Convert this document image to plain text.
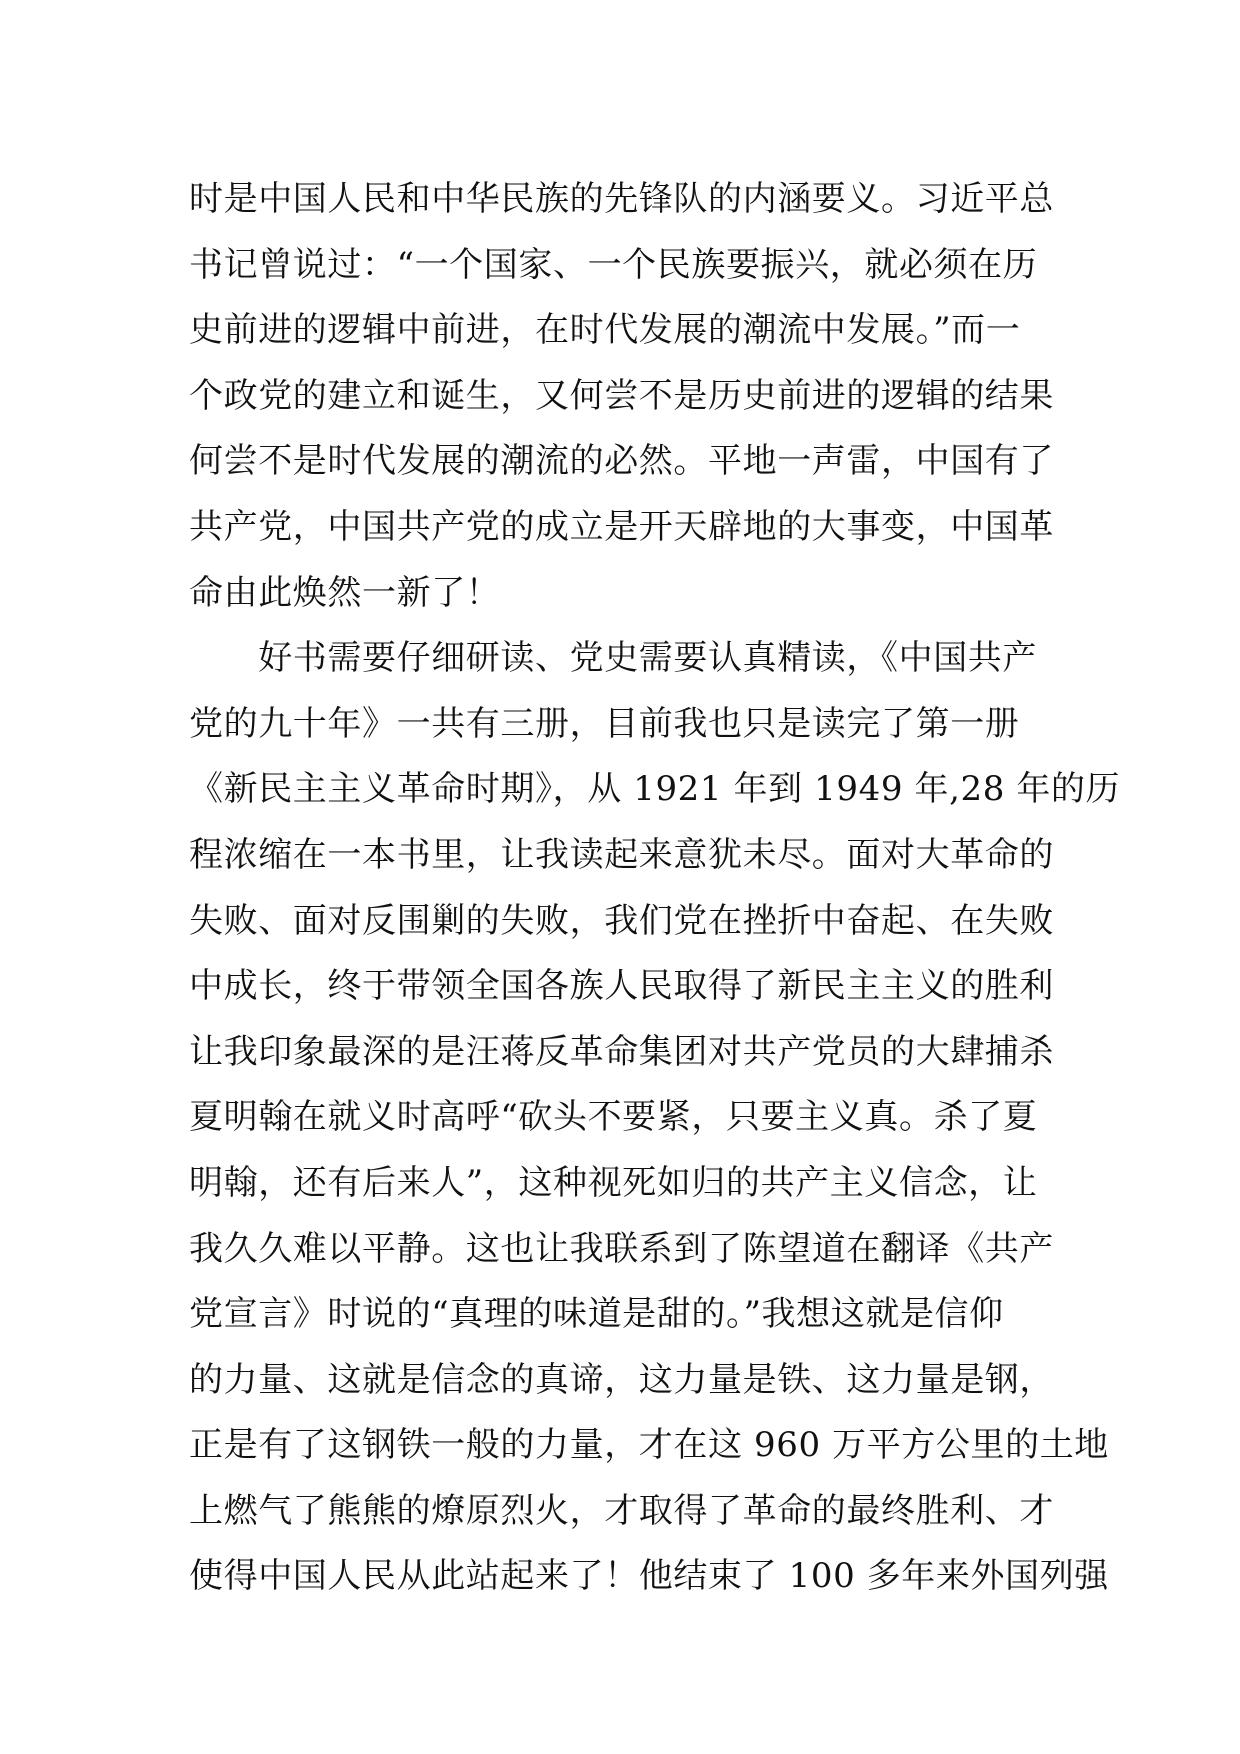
时是中国人民和中华民族的先锋队的内涵要义。习近平总
书记曾说过：“一个国家、一个民族要振兴，就必须在历
史前进的逻辑中前进，在时代发展的潮流中发展。”而一
个政党的建立和诞生，又何尝不是历史前进的逻辑的结果
何尝不是时代发展的潮流的必然。平地一声雷，中国有了
共产党，中国共产党的成立是开天辟地的大事变，中国革
命由此焕然一新了！
　　好书需要仔细研读、党史需要认真精读，《中国共产
党的九十年》一共有三册，目前我也只是读完了第一册
《新民主主义革命时期》，从 1921 年到 1949 年,28 年的历
程浓缩在一本书里，让我读起来意犹未尽。面对大革命的
失败、面对反围剿的失败，我们党在挫折中奋起、在失败
中成长，终于带领全国各族人民取得了新民主主义的胜利
让我印象最深的是汪蒋反革命集团对共产党员的大肆捕杀
夏明翰在就义时高呼“砍头不要紧，只要主义真。杀了夏
明翰，还有后来人”，这种视死如归的共产主义信念，让
我久久难以平静。这也让我联系到了陈望道在翻译《共产
党宣言》时说的“真理的味道是甜的。”我想这就是信仰
的力量、这就是信念的真谛，这力量是铁、这力量是钢，
正是有了这钢铁一般的力量，才在这 960 万平方公里的土地
上燃气了熊熊的燎原烈火，才取得了革命的最终胜利、才
使得中国人民从此站起来了！他结束了 100 多年来外国列强
